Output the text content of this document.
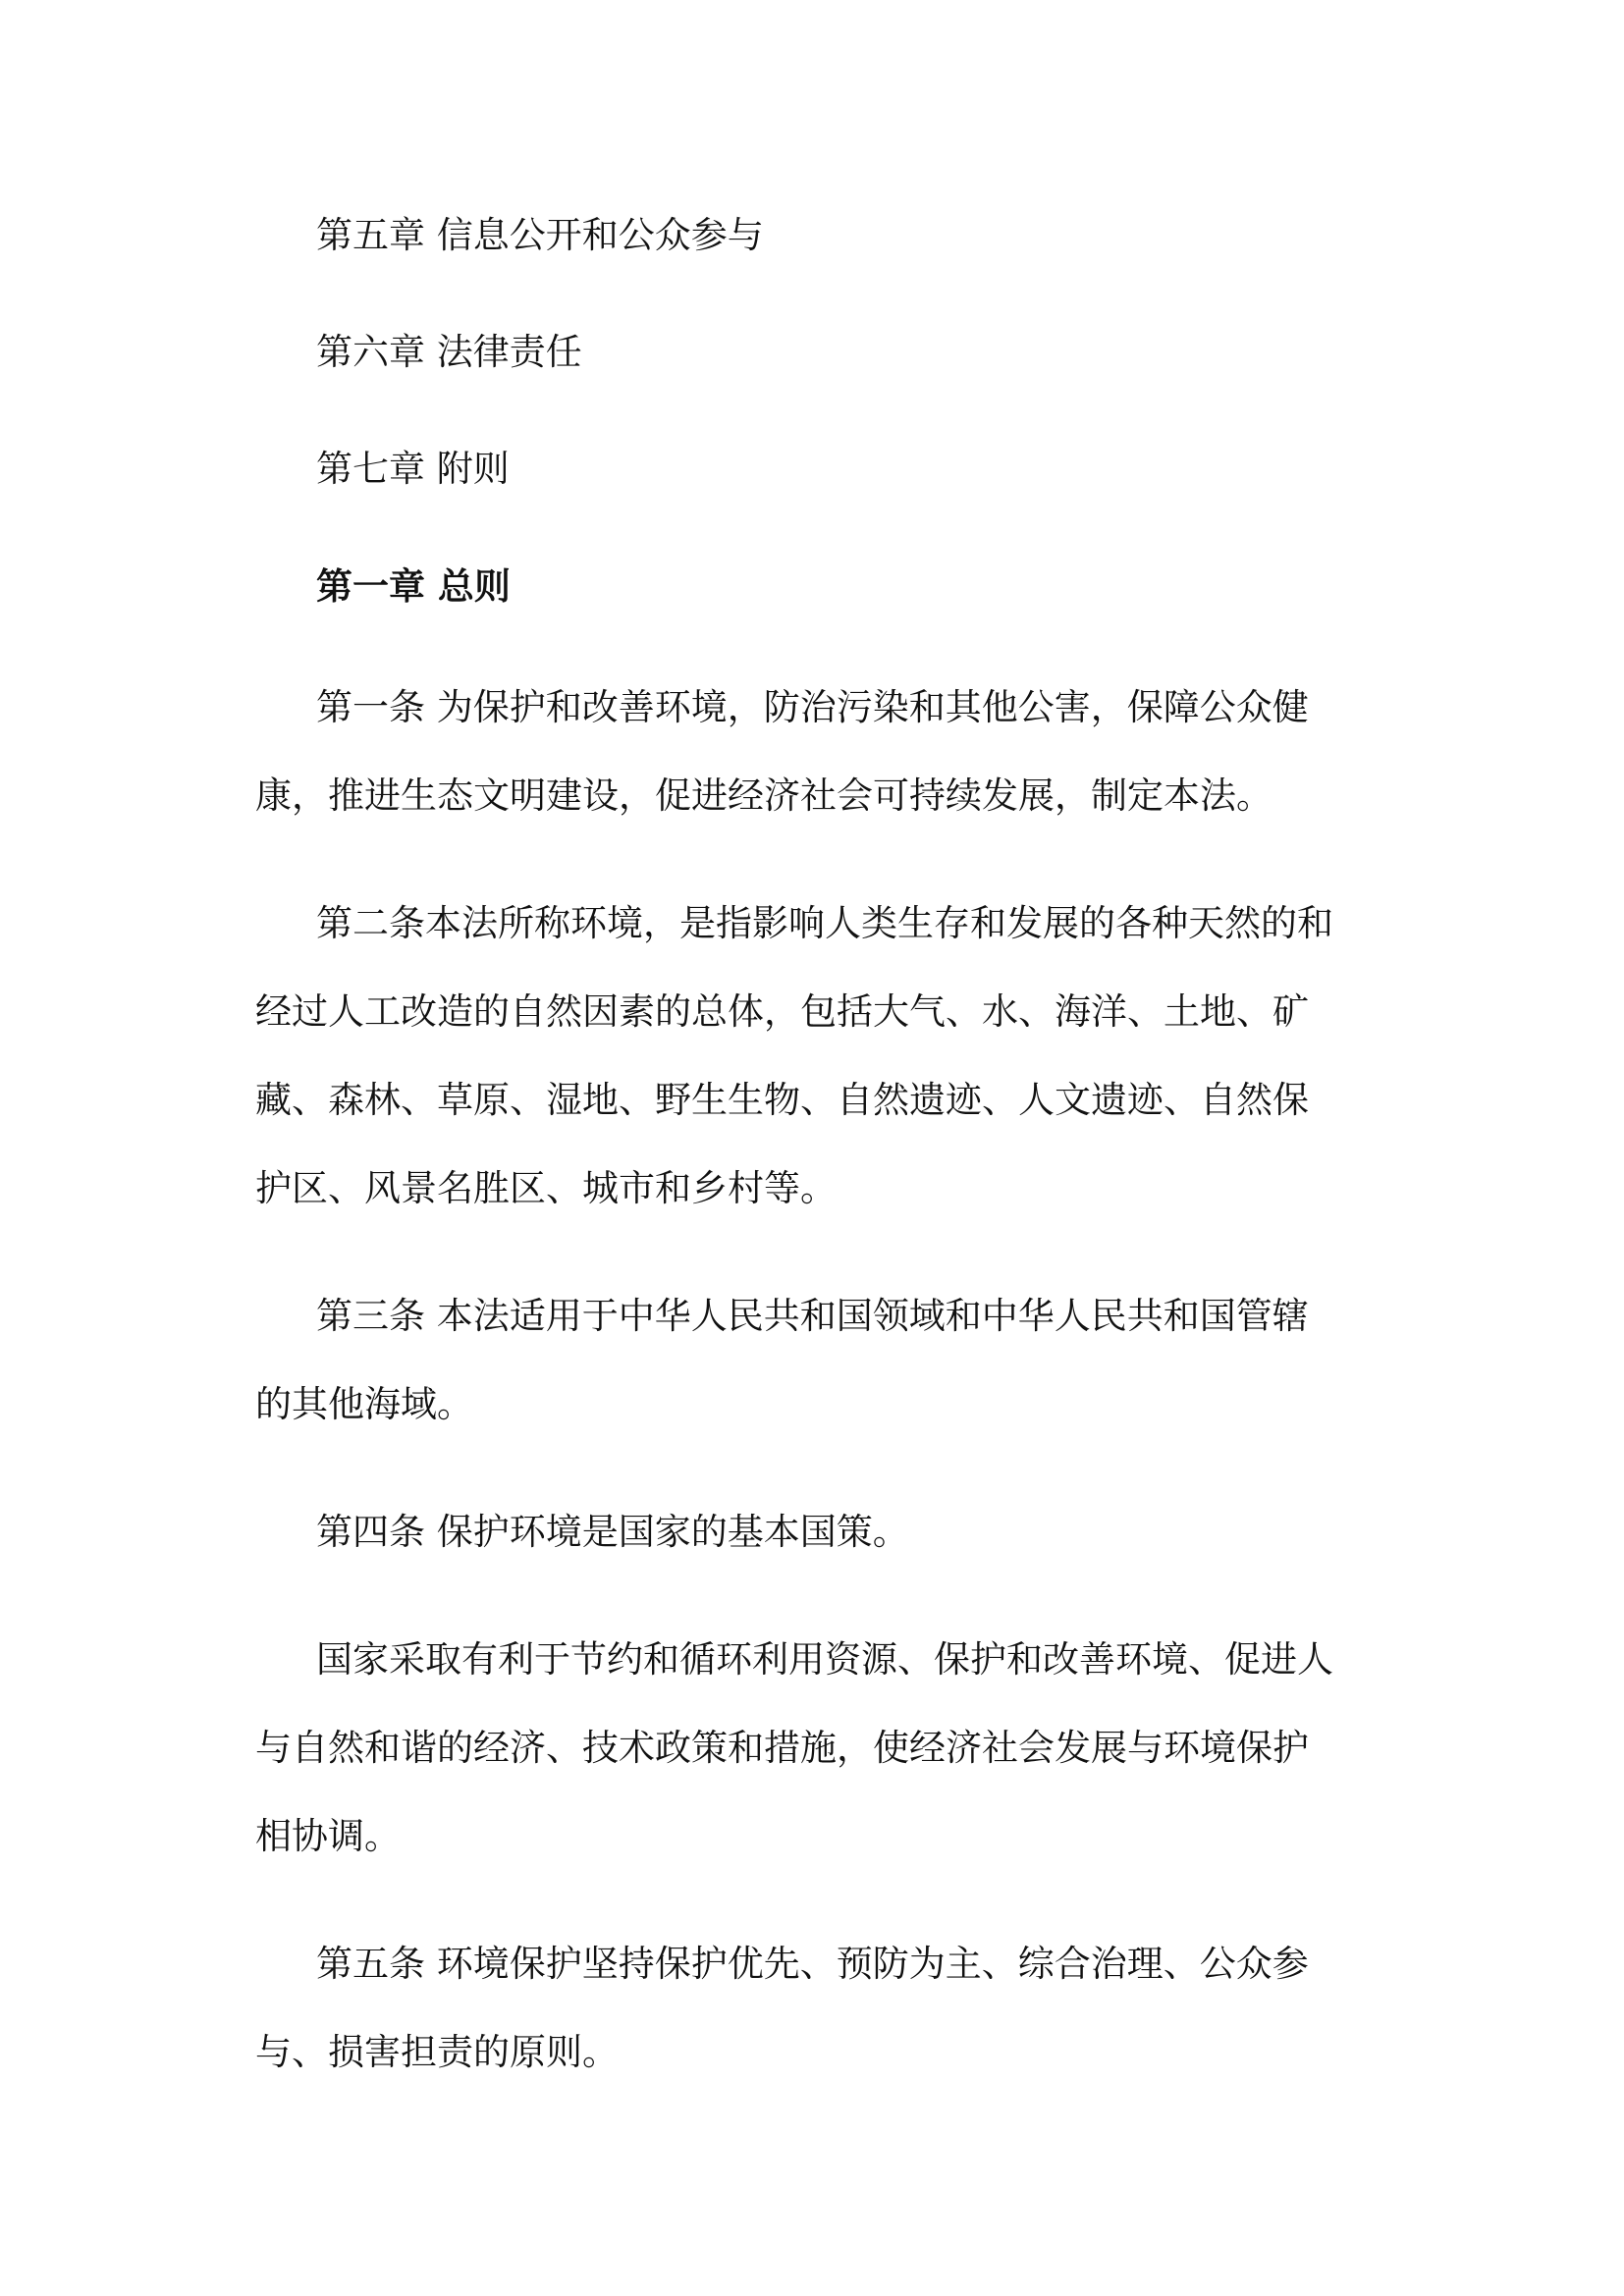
第五章 信息公开和公众参与
第六章 法律责任
第七章 附则
第一章 总则
第一条 为保护和改善环境，防治污染和其他公害，保障公众健
康，推进生态文明建设，促进经济社会可持续发展，制定本法。
第二条本法所称环境，是指影响人类生存和发展的各种天然的和
经过人工改造的自然因素的总体，包括大气、水、海洋、土地、矿
藏、森林、草原、湿地、野生生物、自然遗迹、人文遗迹、自然保
护区、风景名胜区、城市和乡村等。
第三条 本法适用于中华人民共和国领域和中华人民共和国管辖
的其他海域。
第四条 保护环境是国家的基本国策。
国家采取有利于节约和循环利用资源、保护和改善环境、促进人
与自然和谐的经济、技术政策和措施，使经济社会发展与环境保护
相协调。
第五条 环境保护坚持保护优先、预防为主、综合治理、公众参
与、损害担责的原则。
